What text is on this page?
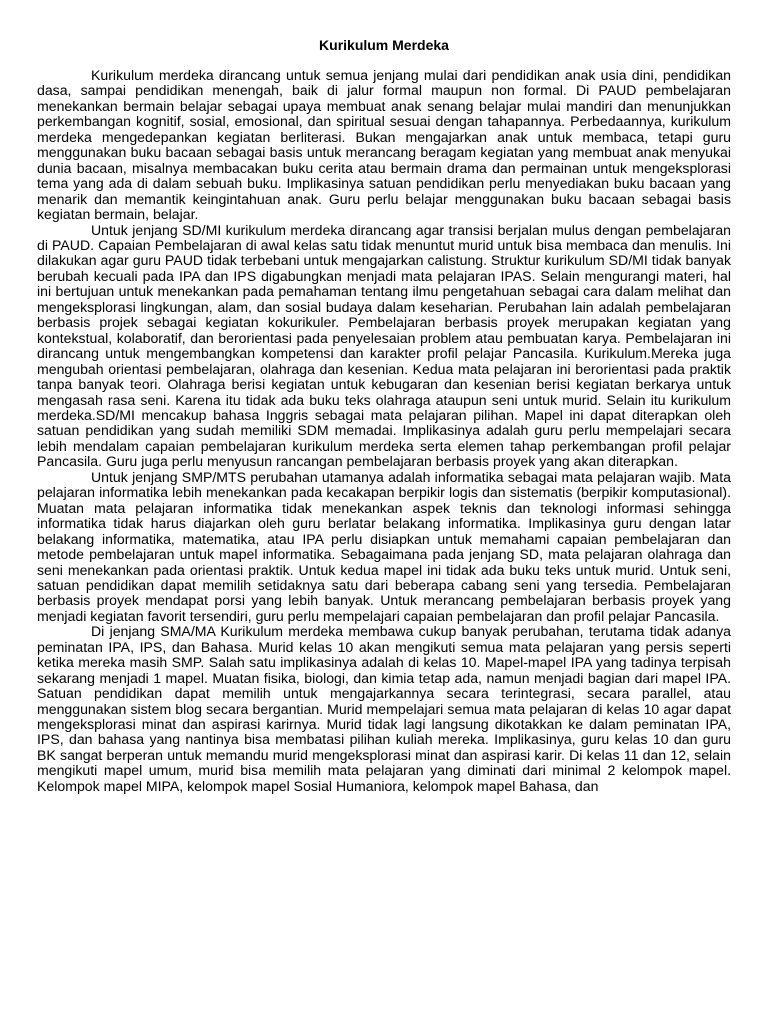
Kurikulum Merdeka

Kurikulum merdeka dirancang untuk semua jenjang mulai dari pendidikan anak usia dini, pendidikan dasa, sampai pendidikan menengah, baik di jalur formal maupun non formal. Di PAUD pembelajaran menekankan bermain belajar sebagai upaya membuat anak senang belajar mulai mandiri dan menunjukkan perkembangan kognitif, sosial, emosional, dan spiritual sesuai dengan tahapannya. Perbedaannya, kurikulum merdeka mengedepankan kegiatan berliterasi. Bukan mengajarkan anak untuk membaca, tetapi guru menggunakan buku bacaan sebagai basis untuk merancang beragam kegiatan yang membuat anak menyukai dunia bacaan, misalnya membacakan buku cerita atau bermain drama dan permainan untuk mengeksplorasi tema yang ada di dalam sebuah buku. Implikasinya satuan pendidikan perlu menyediakan buku bacaan yang menarik dan memantik keingintahuan anak. Guru perlu belajar menggunakan buku bacaan sebagai basis kegiatan bermain, belajar.

Untuk jenjang SD/MI kurikulum merdeka dirancang agar transisi berjalan mulus dengan pembelajaran di PAUD. Capaian Pembelajaran di awal kelas satu tidak menuntut murid untuk bisa membaca dan menulis. Ini dilakukan agar guru PAUD tidak terbebani untuk mengajarkan calistung. Struktur kurikulum SD/MI tidak banyak berubah kecuali pada IPA dan IPS digabungkan menjadi mata pelajaran IPAS. Selain mengurangi materi, hal ini bertujuan untuk menekankan pada pemahaman tentang ilmu pengetahuan sebagai cara dalam melihat dan mengeksplorasi lingkungan, alam, dan sosial budaya dalam keseharian. Perubahan lain adalah pembelajaran berbasis projek sebagai kegiatan kokurikuler. Pembelajaran berbasis proyek merupakan kegiatan yang kontekstual, kolaboratif, dan berorientasi pada penyelesaian problem atau pembuatan karya. Pembelajaran ini dirancang untuk mengembangkan kompetensi dan karakter profil pelajar Pancasila. Kurikulum.Mereka juga mengubah orientasi pembelajaran, olahraga dan kesenian. Kedua mata pelajaran ini berorientasi pada praktik tanpa banyak teori. Olahraga berisi kegiatan untuk kebugaran dan kesenian berisi kegiatan berkarya untuk mengasah rasa seni. Karena itu tidak ada buku teks olahraga ataupun seni untuk murid. Selain itu kurikulum merdeka.SD/MI mencakup bahasa Inggris sebagai mata pelajaran pilihan. Mapel ini dapat diterapkan oleh satuan pendidikan yang sudah memiliki SDM memadai. Implikasinya adalah guru perlu mempelajari secara lebih mendalam capaian pembelajaran kurikulum merdeka serta elemen tahap perkembangan profil pelajar Pancasila. Guru juga perlu menyusun rancangan pembelajaran berbasis proyek yang akan diterapkan.

Untuk jenjang SMP/MTS perubahan utamanya adalah informatika sebagai mata pelajaran wajib. Mata pelajaran informatika lebih menekankan pada kecakapan berpikir logis dan sistematis (berpikir komputasional). Muatan mata pelajaran informatika tidak menekankan aspek teknis dan teknologi informasi sehingga informatika tidak harus diajarkan oleh guru berlatar belakang informatika. Implikasinya guru dengan latar belakang informatika, matematika, atau IPA perlu disiapkan untuk memahami capaian pembelajaran dan metode pembelajaran untuk mapel informatika. Sebagaimana pada jenjang SD, mata pelajaran olahraga dan seni menekankan pada orientasi praktik. Untuk kedua mapel ini tidak ada buku teks untuk murid. Untuk seni, satuan pendidikan dapat memilih setidaknya satu dari beberapa cabang seni yang tersedia. Pembelajaran berbasis proyek mendapat porsi yang lebih banyak. Untuk merancang pembelajaran berbasis proyek yang menjadi kegiatan favorit tersendiri, guru perlu mempelajari capaian pembelajaran dan profil pelajar Pancasila.

Di jenjang SMA/MA Kurikulum merdeka membawa cukup banyak perubahan, terutama tidak adanya peminatan IPA, IPS, dan Bahasa. Murid kelas 10 akan mengikuti semua mata pelajaran yang persis seperti ketika mereka masih SMP. Salah satu implikasinya adalah di kelas 10. Mapel-mapel IPA yang tadinya terpisah sekarang menjadi 1 mapel. Muatan fisika, biologi, dan kimia tetap ada, namun menjadi bagian dari mapel IPA. Satuan pendidikan dapat memilih untuk mengajarkannya secara terintegrasi, secara parallel, atau menggunakan sistem blog secara bergantian. Murid mempelajari semua mata pelajaran di kelas 10 agar dapat mengeksplorasi minat dan aspirasi karirnya. Murid tidak lagi langsung dikotakkan ke dalam peminatan IPA, IPS, dan bahasa yang nantinya bisa membatasi pilihan kuliah mereka. Implikasinya, guru kelas 10 dan guru BK sangat berperan untuk memandu murid mengeksplorasi minat dan aspirasi karir. Di kelas 11 dan 12, selain mengikuti mapel umum, murid bisa memilih mata pelajaran yang diminati dari minimal 2 kelompok mapel. Kelompok mapel MIPA, kelompok mapel Sosial Humaniora, kelompok mapel Bahasa, dan
